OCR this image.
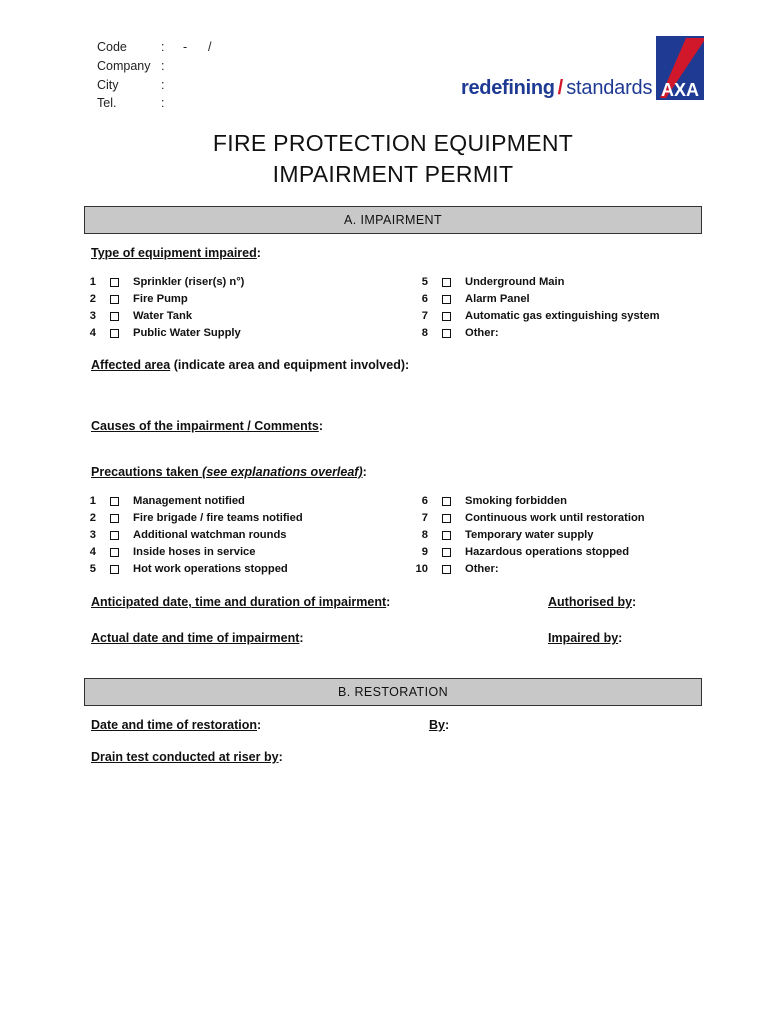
Code	: -      /
Company :
City	:
Tel.	:
redefining / standards AXA
FIRE PROTECTION EQUIPMENT
IMPAIRMENT PERMIT
A. IMPAIRMENT
Type of equipment impaired:
1	Sprinkler (riser(s) n°)
2	Fire Pump
3	Water Tank
4	Public Water Supply
5	Underground Main
6	Alarm Panel
7	Automatic gas extinguishing system
8	Other:
Affected area (indicate area and equipment involved):
Causes of the impairment / Comments:
Precautions taken (see explanations overleaf):
1	Management notified
2	Fire brigade / fire teams notified
3	Additional watchman rounds
4	Inside hoses in service
5	Hot work operations stopped
6	Smoking forbidden
7	Continuous work until restoration
8	Temporary water supply
9	Hazardous operations stopped
10	Other:
Anticipated date, time and duration of impairment:	Authorised by:
Actual date and time of impairment:	Impaired by:
B. RESTORATION
Date and time of restoration:	By:
Drain test conducted at riser by:
